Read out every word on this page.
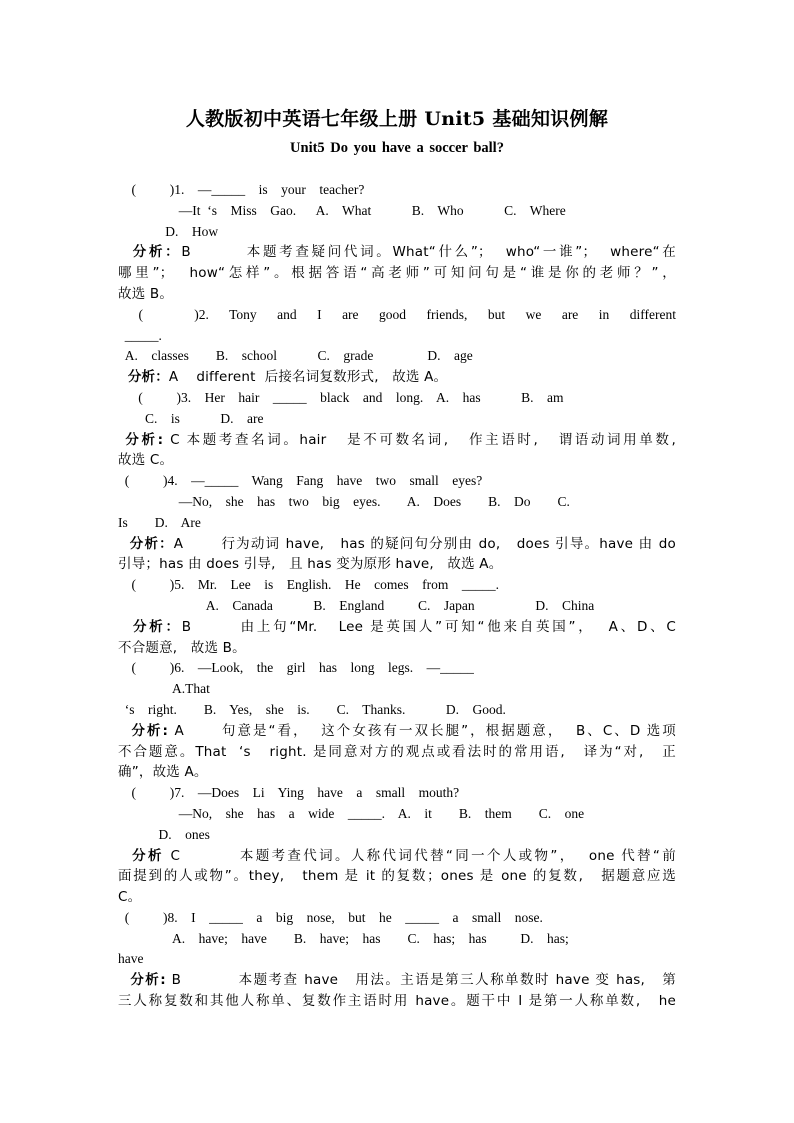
人教版初中英语七年级上册 Unit5 基础知识例解
Unit5 Do you have a soccer ball?

(          )1.    —_____    is    your    teacher?

—It  ‘s    Miss    Gao.      A.    What            B.    Who            C.    Where

D.    How

分析：B        本题考查疑问代词。What“什么”；  who“一谁”；  where“在

哪里”；  how“怎样”。根据答语“高老师”可知问句是“谁是你的老师？”，

故选 B。

(          )2.    Tony    and    I    are    good    friends,    but    we    are    in    different

_____.

A.    classes        B.    school            C.    grade                D.    age

分析：A    different  后接名词复数形式,   故选 A。

(          )3.    Her    hair    _____    black    and    long.    A.    has            B.    am

C.    is            D.    are

分析: C 本题考查名词。hair   是不可数名词,   作主语时,   谓语动词用单数,

故选 C。

(          )4.    —_____    Wang    Fang    have    two    small    eyes?

—No,    she    has    two    big    eyes.        A.    Does        B.    Do        C.

Is        D.    Are

分析：A       行为动词 have,   has 的疑问句分别由 do,   does 引导。have 由 do

引导；has 由 does 引导,   且 has 变为原形 have,   故选 A。

(          )5.    Mr.    Lee    is    English.    He    comes    from    _____.

A.    Canada            B.    England          C.    Japan                  D.    China

分析：B       由上句“Mr.   Lee 是英国人”可知“他来自英国”，  A、D、C

不合题意,   故选 B。

(          )6.    —Look,    the    girl    has    long    legs.    —_____

A.That

‘s    right.        B.    Yes,    she    is.        C.    Thanks.            D.    Good.

分析: A      句意是“看，  这个女孩有一双长腿”，根据题意，  B、C、D 选项

不合题意。That  ‘s   right. 是同意对方的观点或看法时的常用语,   译为“对,   正

确”，故选 A。

(          )7.    —Does    Li    Ying    have    a    small    mouth?

—No,    she    has    a    wide    _____.    A.    it        B.    them        C.    one

D.    ones

分析 C         本题考查代词。人称代词代替“同一个人或物”，  one 代替“前

面提到的人或物”。they,   them 是 it 的复数；ones 是 one 的复数,   据题意应选

C。

(          )8.    I    _____    a    big    nose,    but    he    _____    a    small    nose.

A.    have;    have        B.    have;    has        C.    has;    has          D.    has;

have

分析: B          本题考查 have   用法。主语是第三人称单数时 have 变 has,   第

三人称复数和其他人称单、复数作主语时用 have。题干中 I 是第一人称单数,   he
